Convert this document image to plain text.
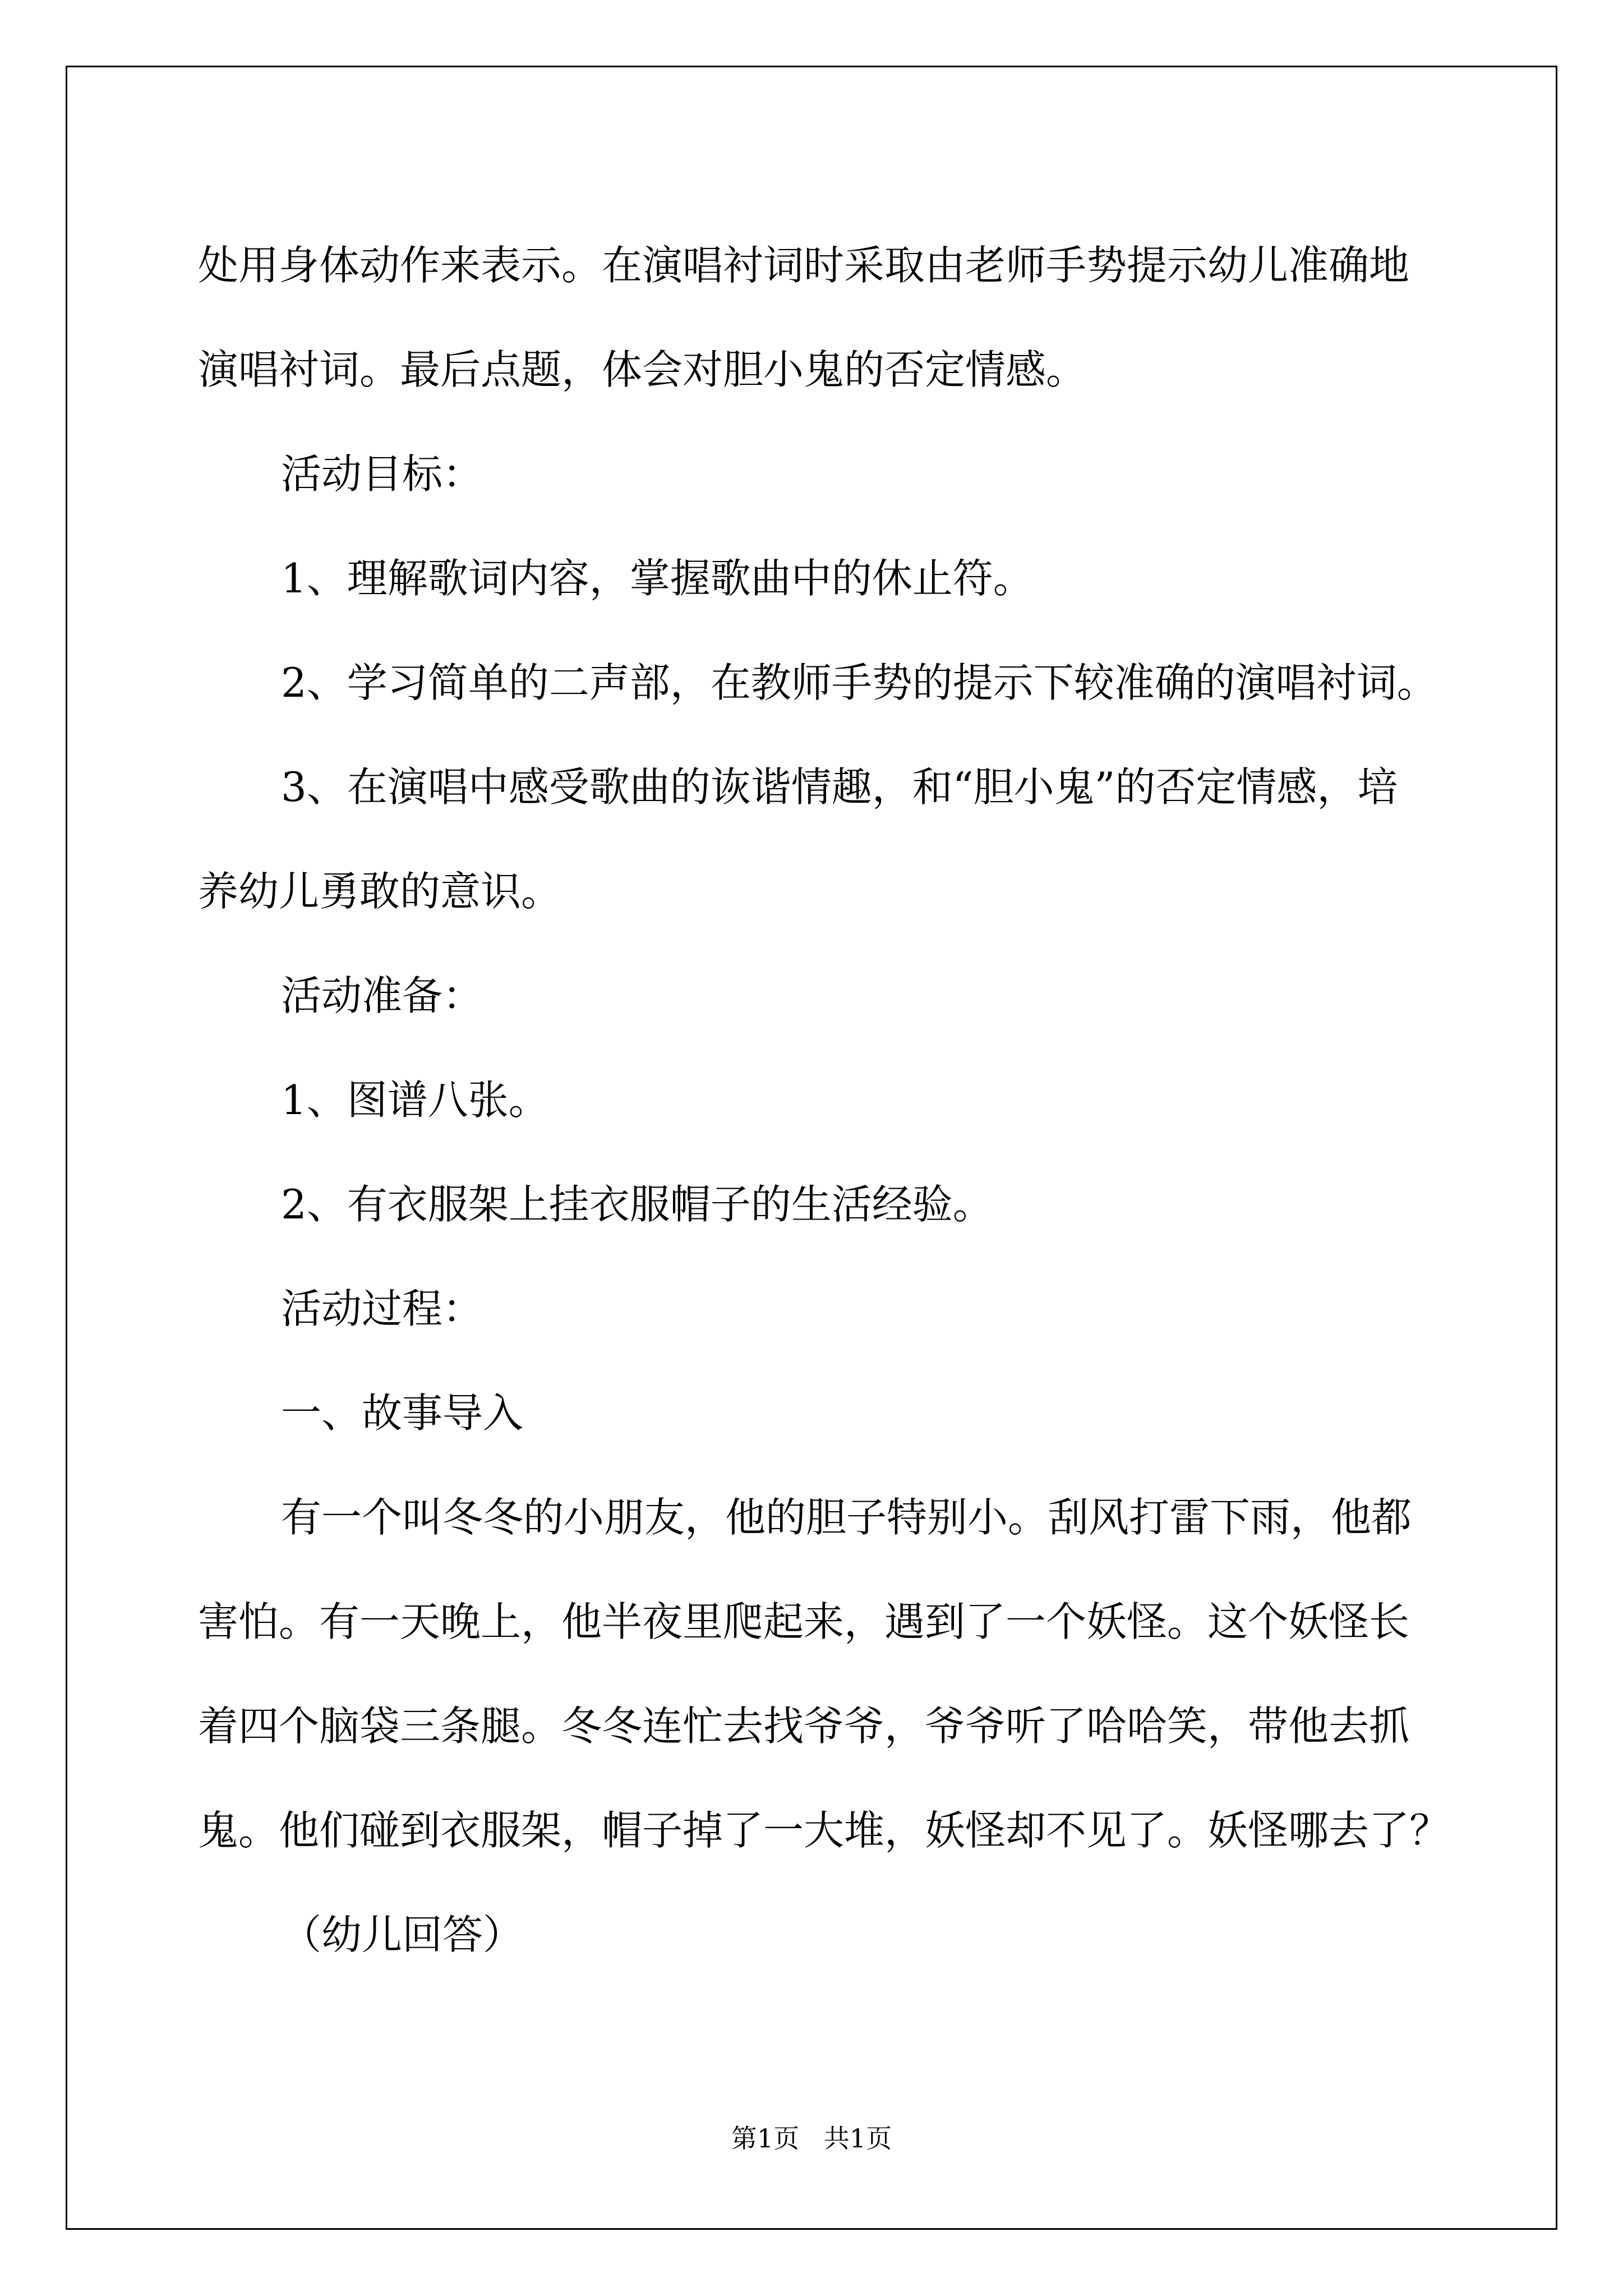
处用身体动作来表示。在演唱衬词时采取由老师手势提示幼儿准确地

演唱衬词。最后点题，体会对胆小鬼的否定情感。

活动目标：

1、理解歌词内容，掌握歌曲中的休止符。

2、学习简单的二声部，在教师手势的提示下较准确的演唱衬词。

3、在演唱中感受歌曲的诙谐情趣，和“胆小鬼”的否定情感，培

养幼儿勇敢的意识。

活动准备：

1、图谱八张。

2、有衣服架上挂衣服帽子的生活经验。

活动过程：

一、故事导入

有一个叫冬冬的小朋友，他的胆子特别小。刮风打雷下雨，他都

害怕。有一天晚上，他半夜里爬起来，遇到了一个妖怪。这个妖怪长

着四个脑袋三条腿。冬冬连忙去找爷爷，爷爷听了哈哈笑，带他去抓

鬼。他们碰到衣服架，帽子掉了一大堆，妖怪却不见了。妖怪哪去了？

（幼儿回答）

第1页   共1页
